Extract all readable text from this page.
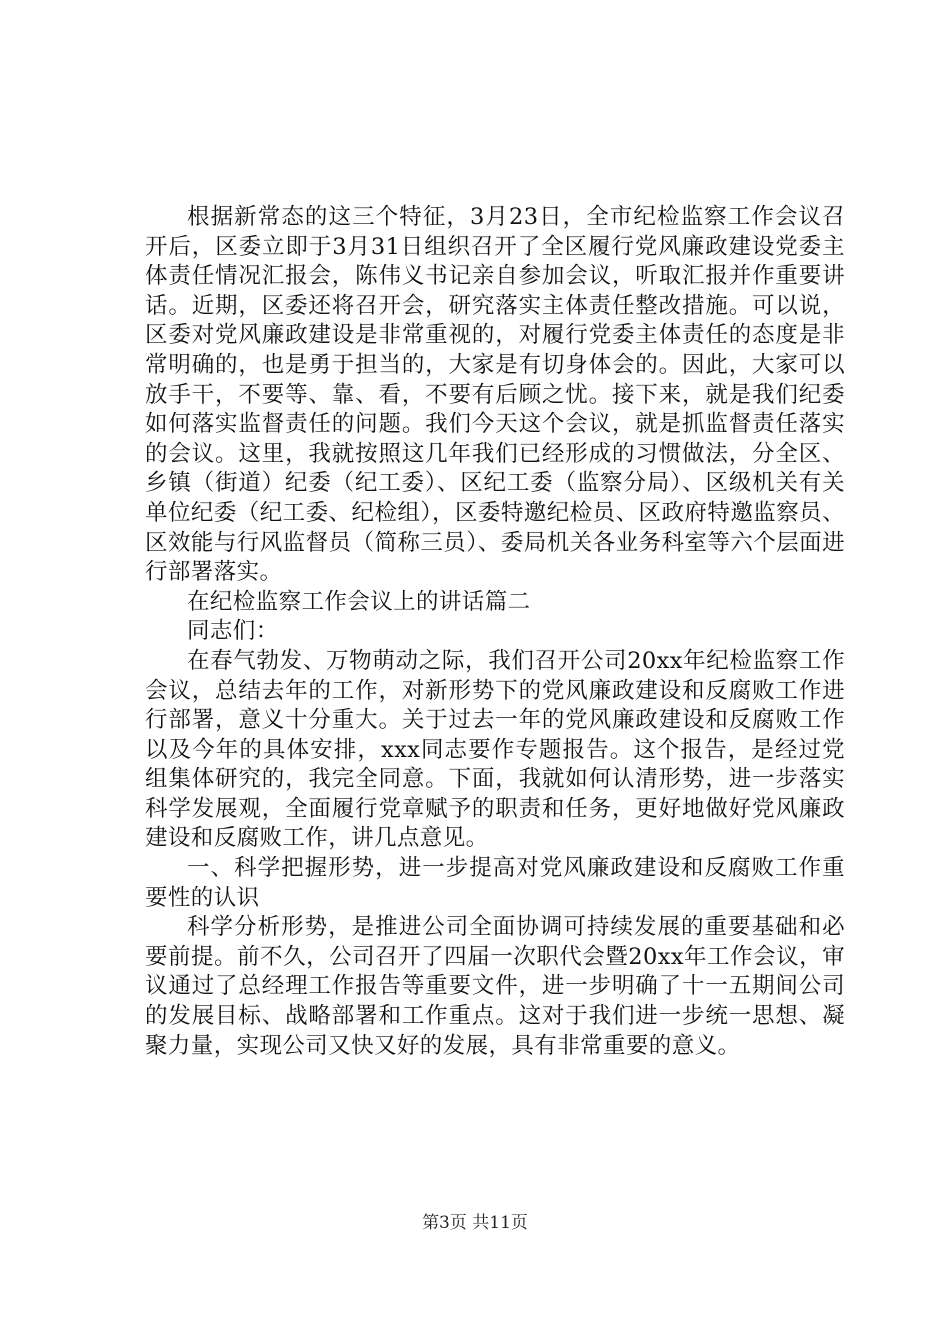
根据新常态的这三个特征，3月23日，全市纪检监察工作会议召开后，区委立即于3月31日组织召开了全区履行党风廉政建设党委主体责任情况汇报会，陈伟义书记亲自参加会议，听取汇报并作重要讲话。近期，区委还将召开会，研究落实主体责任整改措施。可以说，区委对党风廉政建设是非常重视的，对履行党委主体责任的态度是非常明确的，也是勇于担当的，大家是有切身体会的。因此，大家可以放手干，不要等、靠、看，不要有后顾之忧。接下来，就是我们纪委如何落实监督责任的问题。我们今天这个会议，就是抓监督责任落实的会议。这里，我就按照这几年我们已经形成的习惯做法，分全区、乡镇（街道）纪委（纪工委）、区纪工委（监察分局）、区级机关有关单位纪委（纪工委、纪检组），区委特邀纪检员、区政府特邀监察员、区效能与行风监督员（简称三员）、委局机关各业务科室等六个层面进行部署落实。

在纪检监察工作会议上的讲话篇二

同志们：

在春气勃发、万物萌动之际，我们召开公司20xx年纪检监察工作会议，总结去年的工作，对新形势下的党风廉政建设和反腐败工作进行部署，意义十分重大。关于过去一年的党风廉政建设和反腐败工作以及今年的具体安排，xxx同志要作专题报告。这个报告，是经过党组集体研究的，我完全同意。下面，我就如何认清形势，进一步落实科学发展观，全面履行党章赋予的职责和任务，更好地做好党风廉政建设和反腐败工作，讲几点意见。

一、科学把握形势，进一步提高对党风廉政建设和反腐败工作重要性的认识

科学分析形势，是推进公司全面协调可持续发展的重要基础和必要前提。前不久，公司召开了四届一次职代会暨20xx年工作会议，审议通过了总经理工作报告等重要文件，进一步明确了十一五期间公司的发展目标、战略部署和工作重点。这对于我们进一步统一思想、凝聚力量，实现公司又快又好的发展，具有非常重要的意义。

第3页 共11页
